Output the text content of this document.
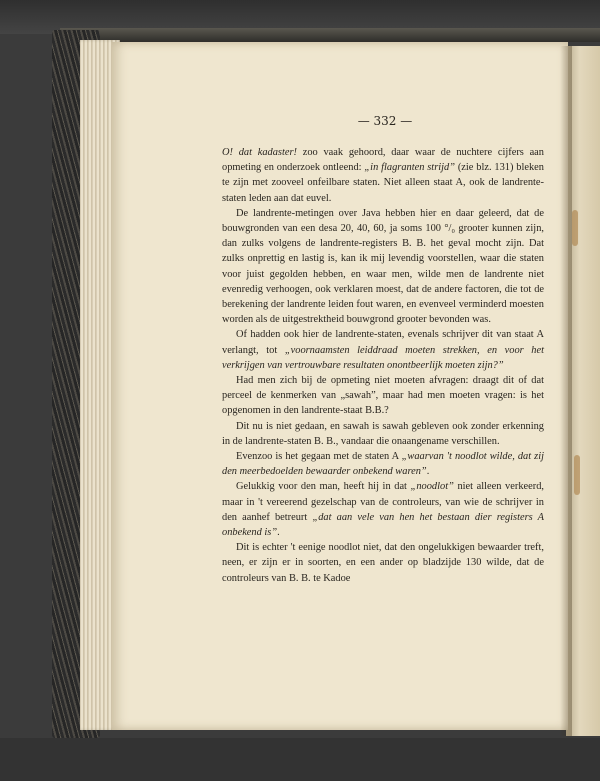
— 332 —

O! dat kadaster! zoo vaak gehoord, daar waar de nuchtere cijfers aan opmeting en onderzoek ontleend: „in flagranten strijd” (zie blz. 131) bleken te zijn met zooveel onfeilbare staten. Niet alleen staat A, ook de landrente-staten leden aan dat euvel.

De landrente-metingen over Java hebben hier en daar geleerd, dat de bouwgronden van een desa 20, 40, 60, ja soms 100 °/₀ grooter kunnen zijn, dan zulks volgens de landrente-registers B. B. het geval mocht zijn. Dat zulks onprettig en lastig is, kan ik mij levendig voorstellen, waar die staten voor juist gegolden hebben, en waar men, wilde men de landrente niet evenredig verhoogen, ook verklaren moest, dat de andere factoren, die tot de berekening der landrente leiden fout waren, en evenveel verminderd moesten worden als de uitgestrektheid bouwgrond grooter bevonden was.

Of hadden ook hier de landrente-staten, evenals schrijver dit van staat A verlangt, tot „voornaamsten leiddraad moeten strekken, en voor het verkrijgen van vertrouwbare resultaten onontbeerlijk moeten zijn?”

Had men zich bij de opmeting niet moeten afvragen: draagt dit of dat perceel de kenmerken van „sawah”, maar had men moeten vragen: is het opgenomen in den landrente-staat B.B.?

Dit nu is niet gedaan, en sawah is sawah gebleven ook zonder erkenning in de landrente-staten B. B., vandaar die onaangename verschillen.

Evenzoo is het gegaan met de staten A „waarvan 't noodlot wilde, dat zij den meerbedoelden bewaarder onbekend waren”.

Gelukkig voor den man, heeft hij in dat „noodlot” niet alleen verkeerd, maar in 't vereerend gezelschap van de controleurs, van wie de schrijver in den aanhef betreurt „dat aan vele van hen het bestaan dier registers A onbekend is”.

Dit is echter 't eenige noodlot niet, dat den ongelukkigen bewaarder treft, neen, er zijn er in soorten, en een ander op bladzijde 130 wilde, dat de controleurs van B. B. te Kadoe
